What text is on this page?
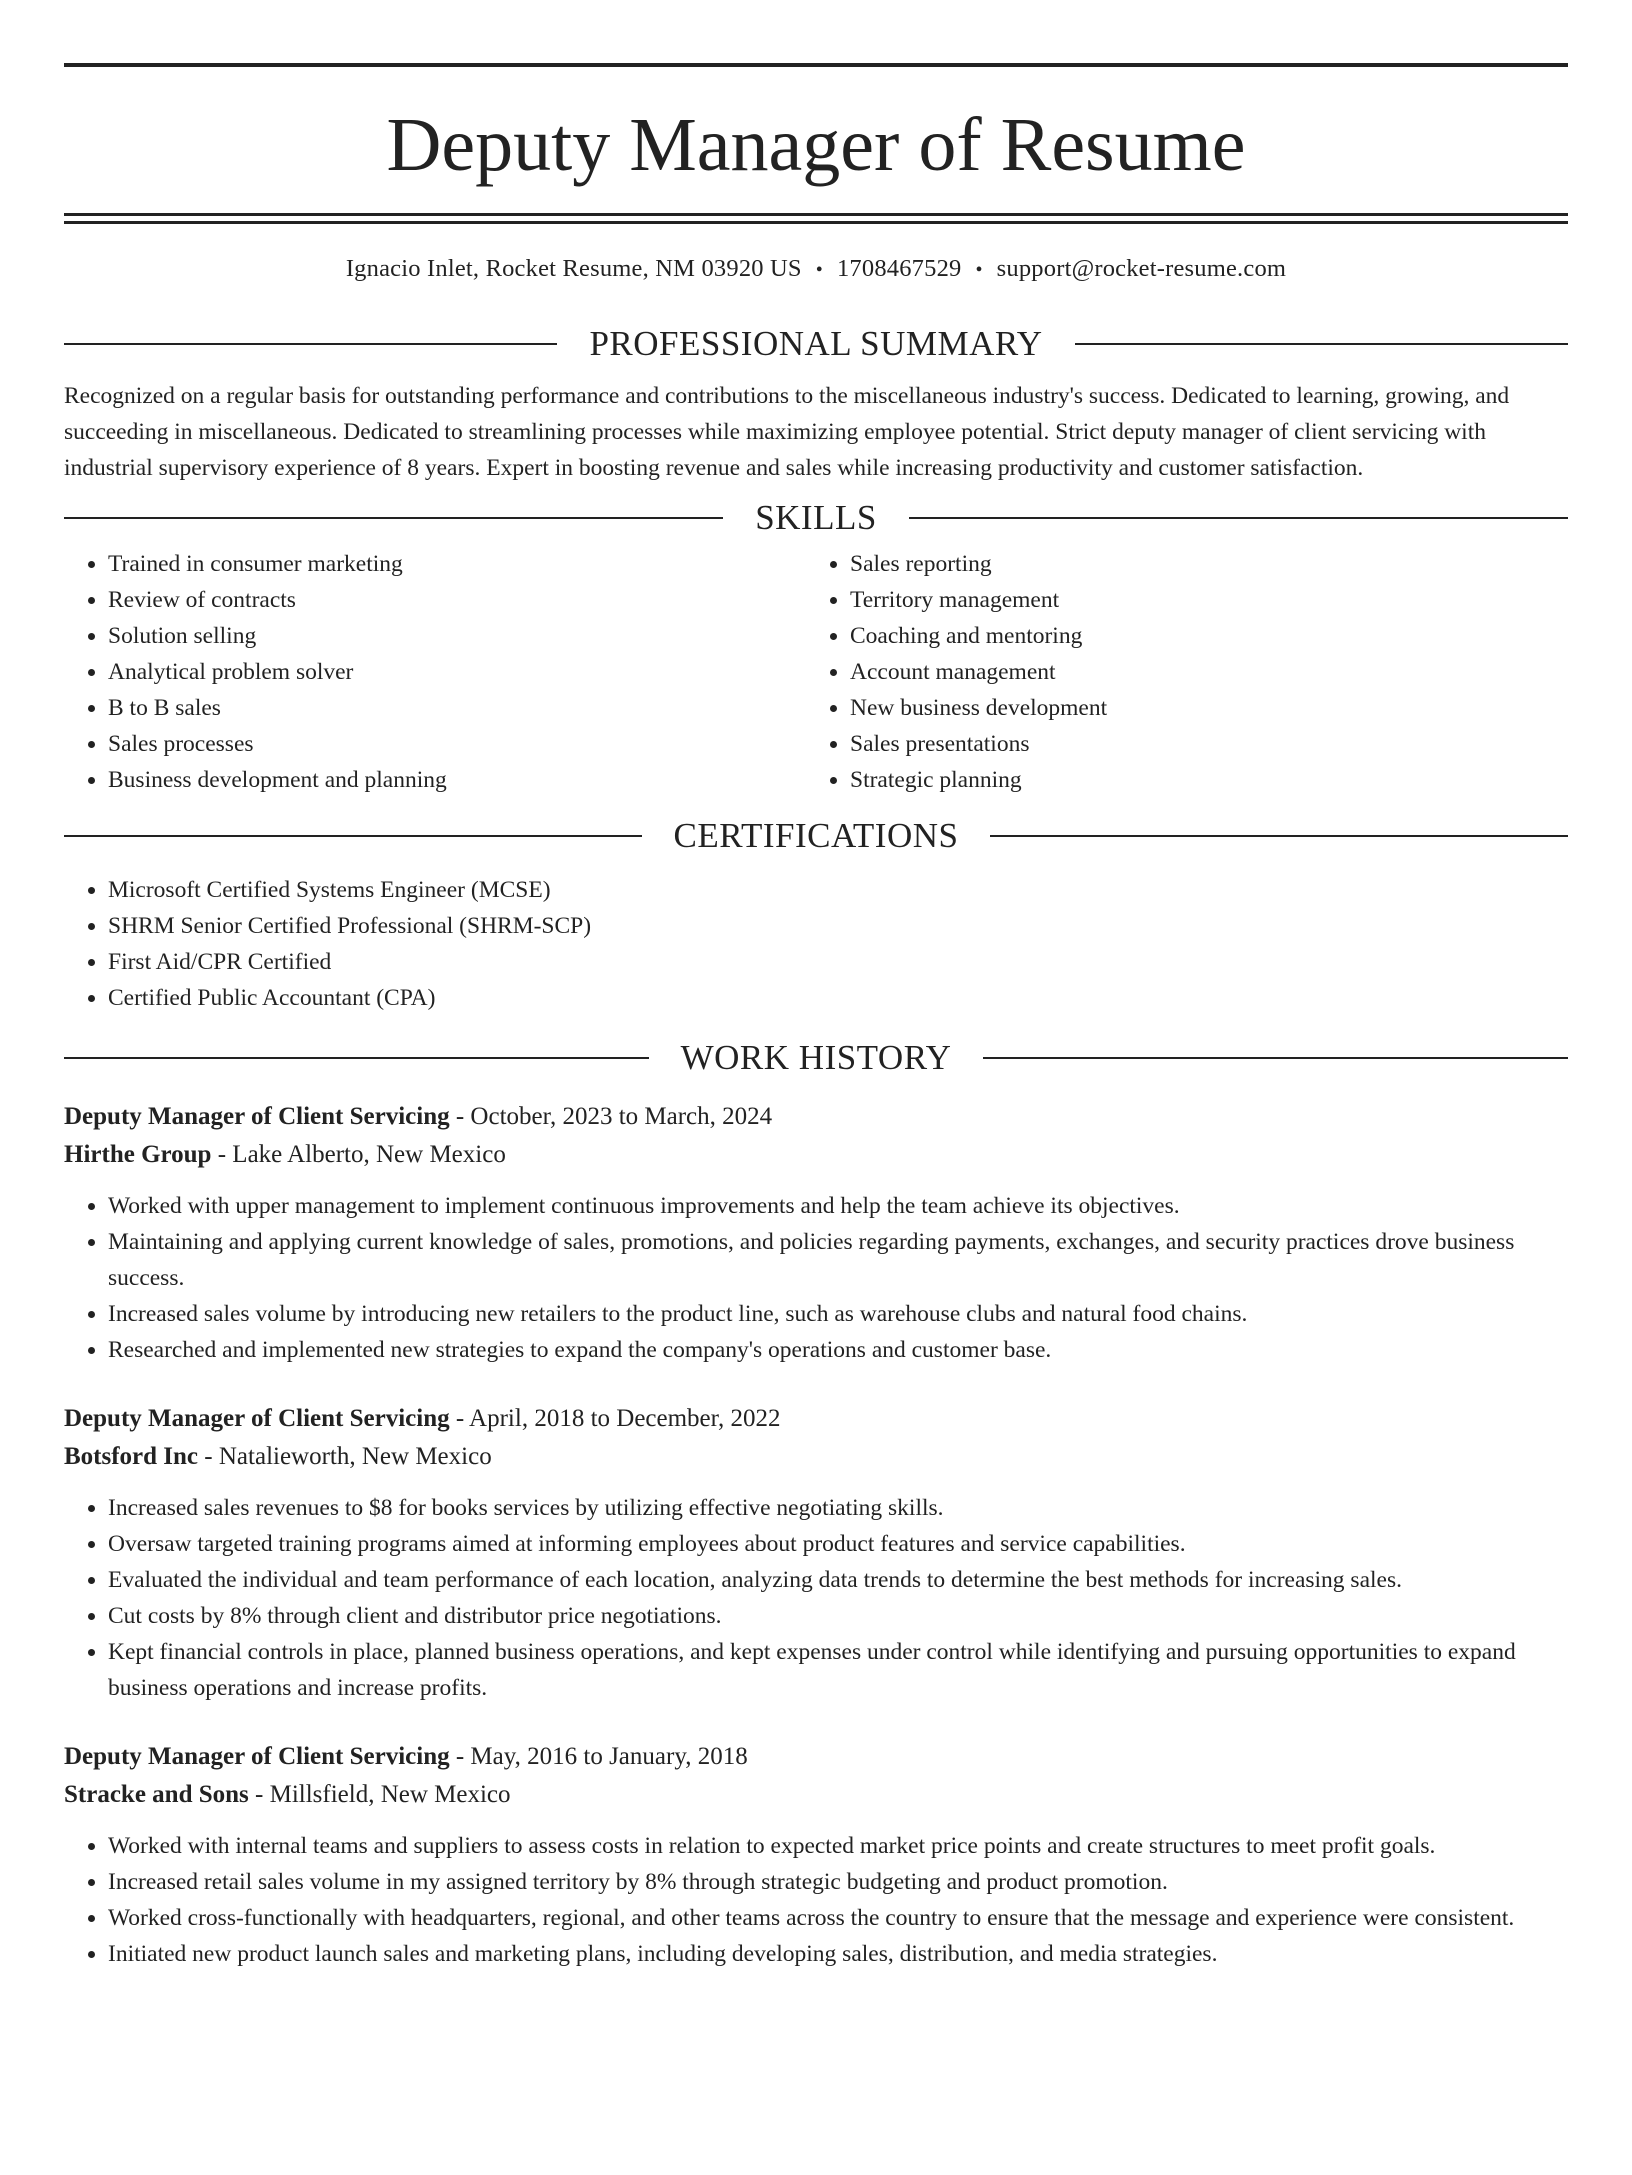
Deputy Manager of Resume
Ignacio Inlet, Rocket Resume, NM 03920 US • 1708467529 • support@rocket-resume.com
PROFESSIONAL SUMMARY

Recognized on a regular basis for outstanding performance and contributions to the miscellaneous industry's success. Dedicated to learning, growing, and succeeding in miscellaneous. Dedicated to streamlining processes while maximizing employee potential. Strict deputy manager of client servicing with industrial supervisory experience of 8 years. Expert in boosting revenue and sales while increasing productivity and customer satisfaction.

SKILLS
• Trained in consumer marketing
• Review of contracts
• Solution selling
• Analytical problem solver
• B to B sales
• Sales processes
• Business development and planning
• Sales reporting
• Territory management
• Coaching and mentoring
• Account management
• New business development
• Sales presentations
• Strategic planning
CERTIFICATIONS
• Microsoft Certified Systems Engineer (MCSE)
• SHRM Senior Certified Professional (SHRM-SCP)
• First Aid/CPR Certified
• Certified Public Accountant (CPA)
WORK HISTORY
Deputy Manager of Client Servicing - October, 2023 to March, 2024
Hirthe Group - Lake Alberto, New Mexico
• Worked with upper management to implement continuous improvements and help the team achieve its objectives.
• Maintaining and applying current knowledge of sales, promotions, and policies regarding payments, exchanges, and security practices drove business success.
• Increased sales volume by introducing new retailers to the product line, such as warehouse clubs and natural food chains.
• Researched and implemented new strategies to expand the company's operations and customer base.
Deputy Manager of Client Servicing - April, 2018 to December, 2022
Botsford Inc - Natalieworth, New Mexico
• Increased sales revenues to $8 for books services by utilizing effective negotiating skills.
• Oversaw targeted training programs aimed at informing employees about product features and service capabilities.
• Evaluated the individual and team performance of each location, analyzing data trends to determine the best methods for increasing sales.
• Cut costs by 8% through client and distributor price negotiations.
• Kept financial controls in place, planned business operations, and kept expenses under control while identifying and pursuing opportunities to expand business operations and increase profits.
Deputy Manager of Client Servicing - May, 2016 to January, 2018
Stracke and Sons - Millsfield, New Mexico
• Worked with internal teams and suppliers to assess costs in relation to expected market price points and create structures to meet profit goals.
• Increased retail sales volume in my assigned territory by 8% through strategic budgeting and product promotion.
• Worked cross-functionally with headquarters, regional, and other teams across the country to ensure that the message and experience were consistent.
• Initiated new product launch sales and marketing plans, including developing sales, distribution, and media strategies.
